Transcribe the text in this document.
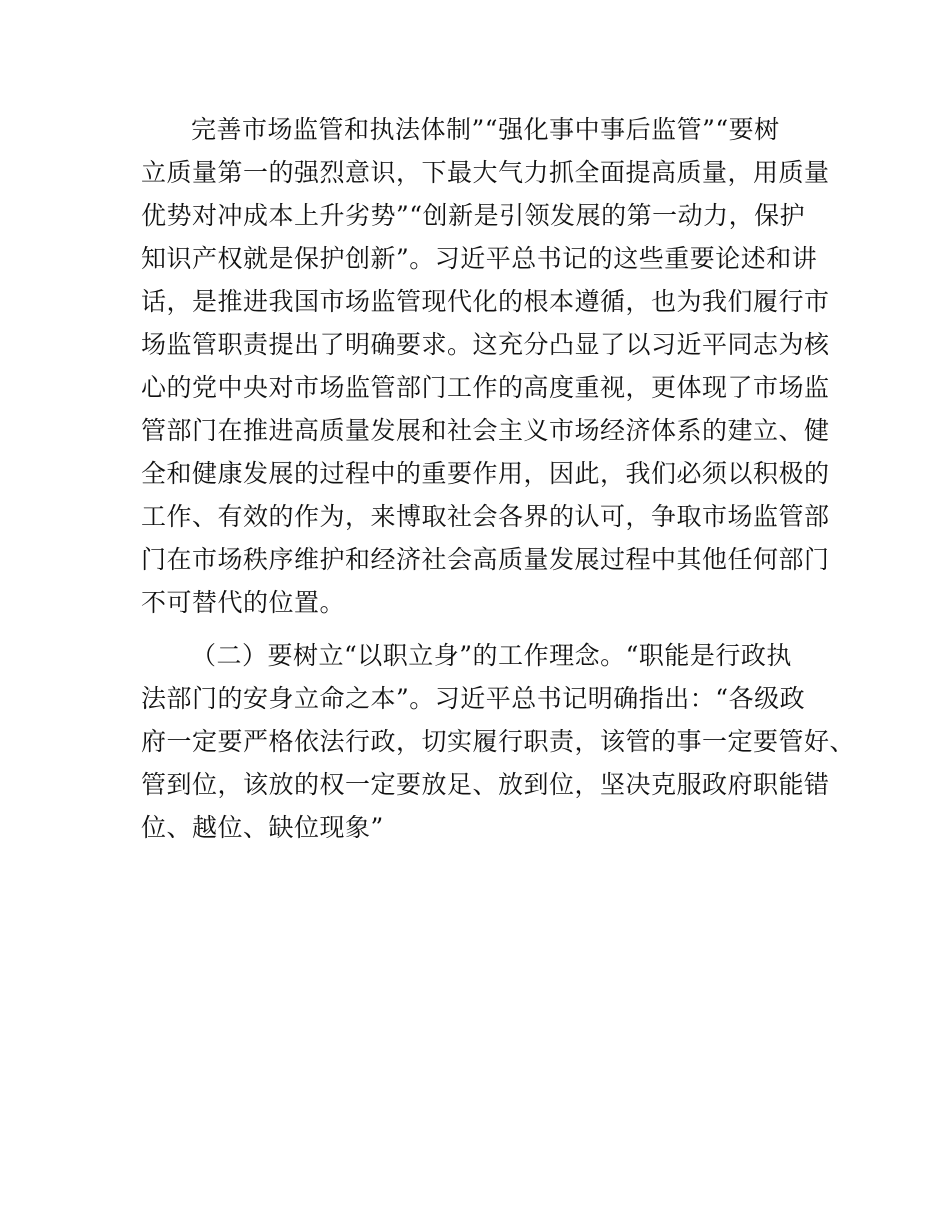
完善市场监管和执法体制”“强化事中事后监管”“要树
立质量第一的强烈意识，下最大气力抓全面提高质量，用质量
优势对冲成本上升劣势”“创新是引领发展的第一动力，保护
知识产权就是保护创新”。习近平总书记的这些重要论述和讲
话，是推进我国市场监管现代化的根本遵循，也为我们履行市
场监管职责提出了明确要求。这充分凸显了以习近平同志为核
心的党中央对市场监管部门工作的高度重视，更体现了市场监
管部门在推进高质量发展和社会主义市场经济体系的建立、健
全和健康发展的过程中的重要作用，因此，我们必须以积极的
工作、有效的作为，来博取社会各界的认可，争取市场监管部
门在市场秩序维护和经济社会高质量发展过程中其他任何部门
不可替代的位置。
（二）要树立“以职立身”的工作理念。“职能是行政执
法部门的安身立命之本”。习近平总书记明确指出：“各级政
府一定要严格依法行政，切实履行职责，该管的事一定要管好、
管到位，该放的权一定要放足、放到位，坚决克服政府职能错
位、越位、缺位现象”
